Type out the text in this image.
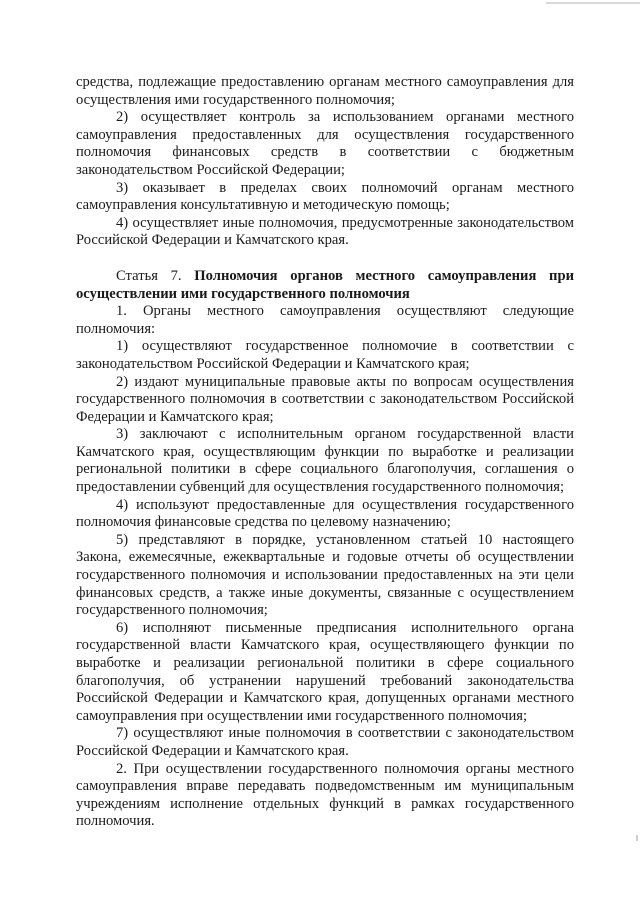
средства, подлежащие предоставлению органам местного самоуправления для осуществления ими государственного полномочия;

2) осуществляет контроль за использованием органами местного самоуправления предоставленных для осуществления государственного полномочия финансовых средств в соответствии с бюджетным законодательством Российской Федерации;

3) оказывает в пределах своих полномочий органам местного самоуправления консультативную и методическую помощь;

4) осуществляет иные полномочия, предусмотренные законодательством Российской Федерации и Камчатского края.

Статья 7. Полномочия органов местного самоуправления при осуществлении ими государственного полномочия

1. Органы местного самоуправления осуществляют следующие полномочия:

1) осуществляют государственное полномочие в соответствии с законодательством Российской Федерации и Камчатского края;

2) издают муниципальные правовые акты по вопросам осуществления государственного полномочия в соответствии с законодательством Российской Федерации и Камчатского края;

3) заключают с исполнительным органом государственной власти Камчатского края, осуществляющим функции по выработке и реализации региональной политики в сфере социального благополучия, соглашения о предоставлении субвенций для осуществления государственного полномочия;

4) используют предоставленные для осуществления государственного полномочия финансовые средства по целевому назначению;

5) представляют в порядке, установленном статьей 10 настоящего Закона, ежемесячные, ежеквартальные и годовые отчеты об осуществлении государственного полномочия и использовании предоставленных на эти цели финансовых средств, а также иные документы, связанные с осуществлением государственного полномочия;

6) исполняют письменные предписания исполнительного органа государственной власти Камчатского края, осуществляющего функции по выработке и реализации региональной политики в сфере социального благополучия, об устранении нарушений требований законодательства Российской Федерации и Камчатского края, допущенных органами местного самоуправления при осуществлении ими государственного полномочия;

7) осуществляют иные полномочия в соответствии с законодательством Российской Федерации и Камчатского края.

2. При осуществлении государственного полномочия органы местного самоуправления вправе передавать подведомственным им муниципальным учреждениям исполнение отдельных функций в рамках государственного полномочия.
